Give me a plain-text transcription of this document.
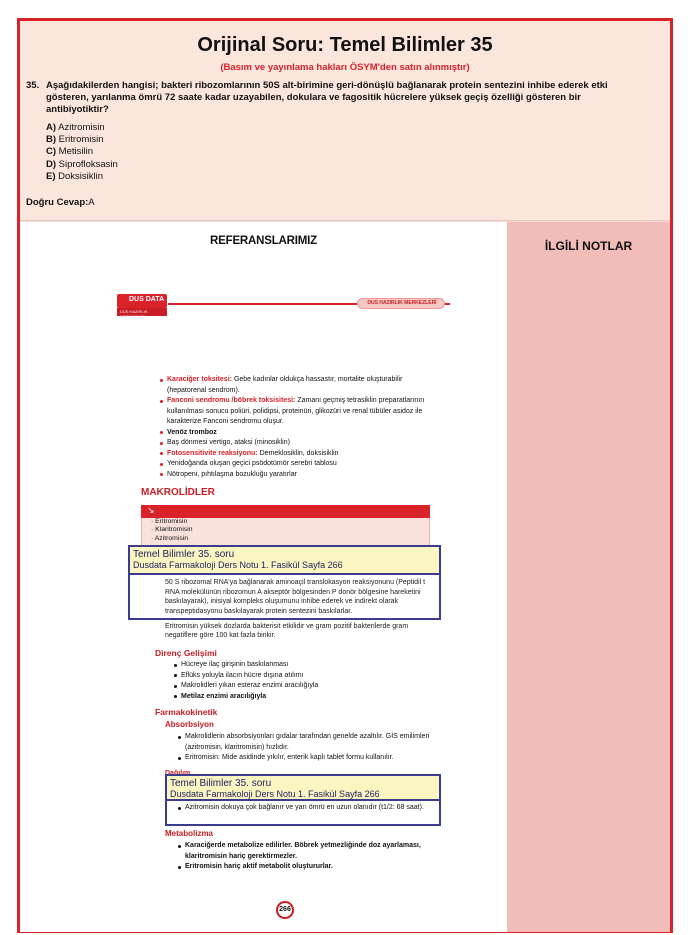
Orijinal Soru: Temel Bilimler 35
(Basım ve yayınlama hakları ÖSYM'den satın alınmıştır)
35. Aşağıdakilerden hangisi; bakteri ribozomlarının 50S alt-birimine geri-dönüşlü bağlanarak protein sentezini inhibe ederek etki gösteren, yarılanma ömrü 72 saate kadar uzayabilen, dokulara ve fagositik hücrelere yüksek geçiş özelliği gösteren bir antibiyotiktir?
A) Azitromisin
B) Eritromisin
C) Metisilin
D) Siprofloksasin
E) Doksisiklin
Doğru Cevap:A
REFERANSLARIMIZ
DUS DATA
DUS HAZIRLIK MERKEZLERİ
DUS HAZIRLIK MERKEZLERİ
Karaciğer toksitesi: Gebe kadınlar oldukça hassastır, mortalite oluşturabilir (hepatorenal sendrom).
Fanconi sendromu /böbrek toksisitesi: Zamanı geçmiş tetrasiklin preparatlarının kullanılması sonucu poliüri, polidipsi, proteinüri, glikozüri ve renal tübüler asidoz ile karakterize Fanconi sendromu oluşur.
Venöz tromboz
Baş dönmesi vertigo, ataksi (minosiklin)
Fotosensitivite reaksiyonu: Demeklosiklin, doksisiklin
Yenidoğanda oluşan geçici psödotümör serebri tablosu
Nötropeni, pıhtılaşma bozukluğu yaratırlar
MAKROLİDLER
↘
· Eritromisin
· Klaritromisin
· Azitromisin
Temel Bilimler 35. soru
Dusdata Farmakoloji Ders Notu 1. Fasikül Sayfa 266
50 S ribozomal RNA'ya bağlanarak aminoaçil translokasyon reaksiyonunu (Peptidil t RNA molekülünün ribozomun A akseptör bölgesinden P donör bölgesine hareketini baskılayarak), inisiyal kompleks oluşumunu inhibe ederek ve indirekt olarak transpeptidasyonu baskılayarak protein sentezini baskılarlar.
Eritromisin yüksek dozlarda bakterisit etkilidir ve gram pozitif bakterilerde gram negatiflere göre 100 kat fazla birikir.
Direnç Gelişimi
Hücreye ilaç girişinin baskılanması
Eflüks yoluyla ilacın hücre dışına atılımı
Makrolidleri yıkan esteraz enzimi aracılığıyla
Metilaz enzimi aracılığıyla
Farmakokinetik
Absorbsiyon
Makrolidlerin absorbsiyonları gıdalar tarafından genelde azaltılır. GİS emilimleri (azitromisin, klaritromisin) hızlıdır.
Eritromisin: Mide asidinde yıkılır, enterik kaplı tablet formu kullanılır.
Temel Bilimler 35. soru
Dusdata Farmakoloji Ders Notu 1. Fasikül Sayfa 266
Azitromisin dokuya çok bağlanır ve yarı ömrü en uzun olanıdır (t1/2: 68 saat).
Metabolizma
Karaciğerde metabolize edilirler. Böbrek yetmezliğinde doz ayarlaması, klaritromisin hariç gerektirmezler.
Eritromisin hariç aktif metabolit oluştururlar.
266
İLGİLİ NOTLAR
